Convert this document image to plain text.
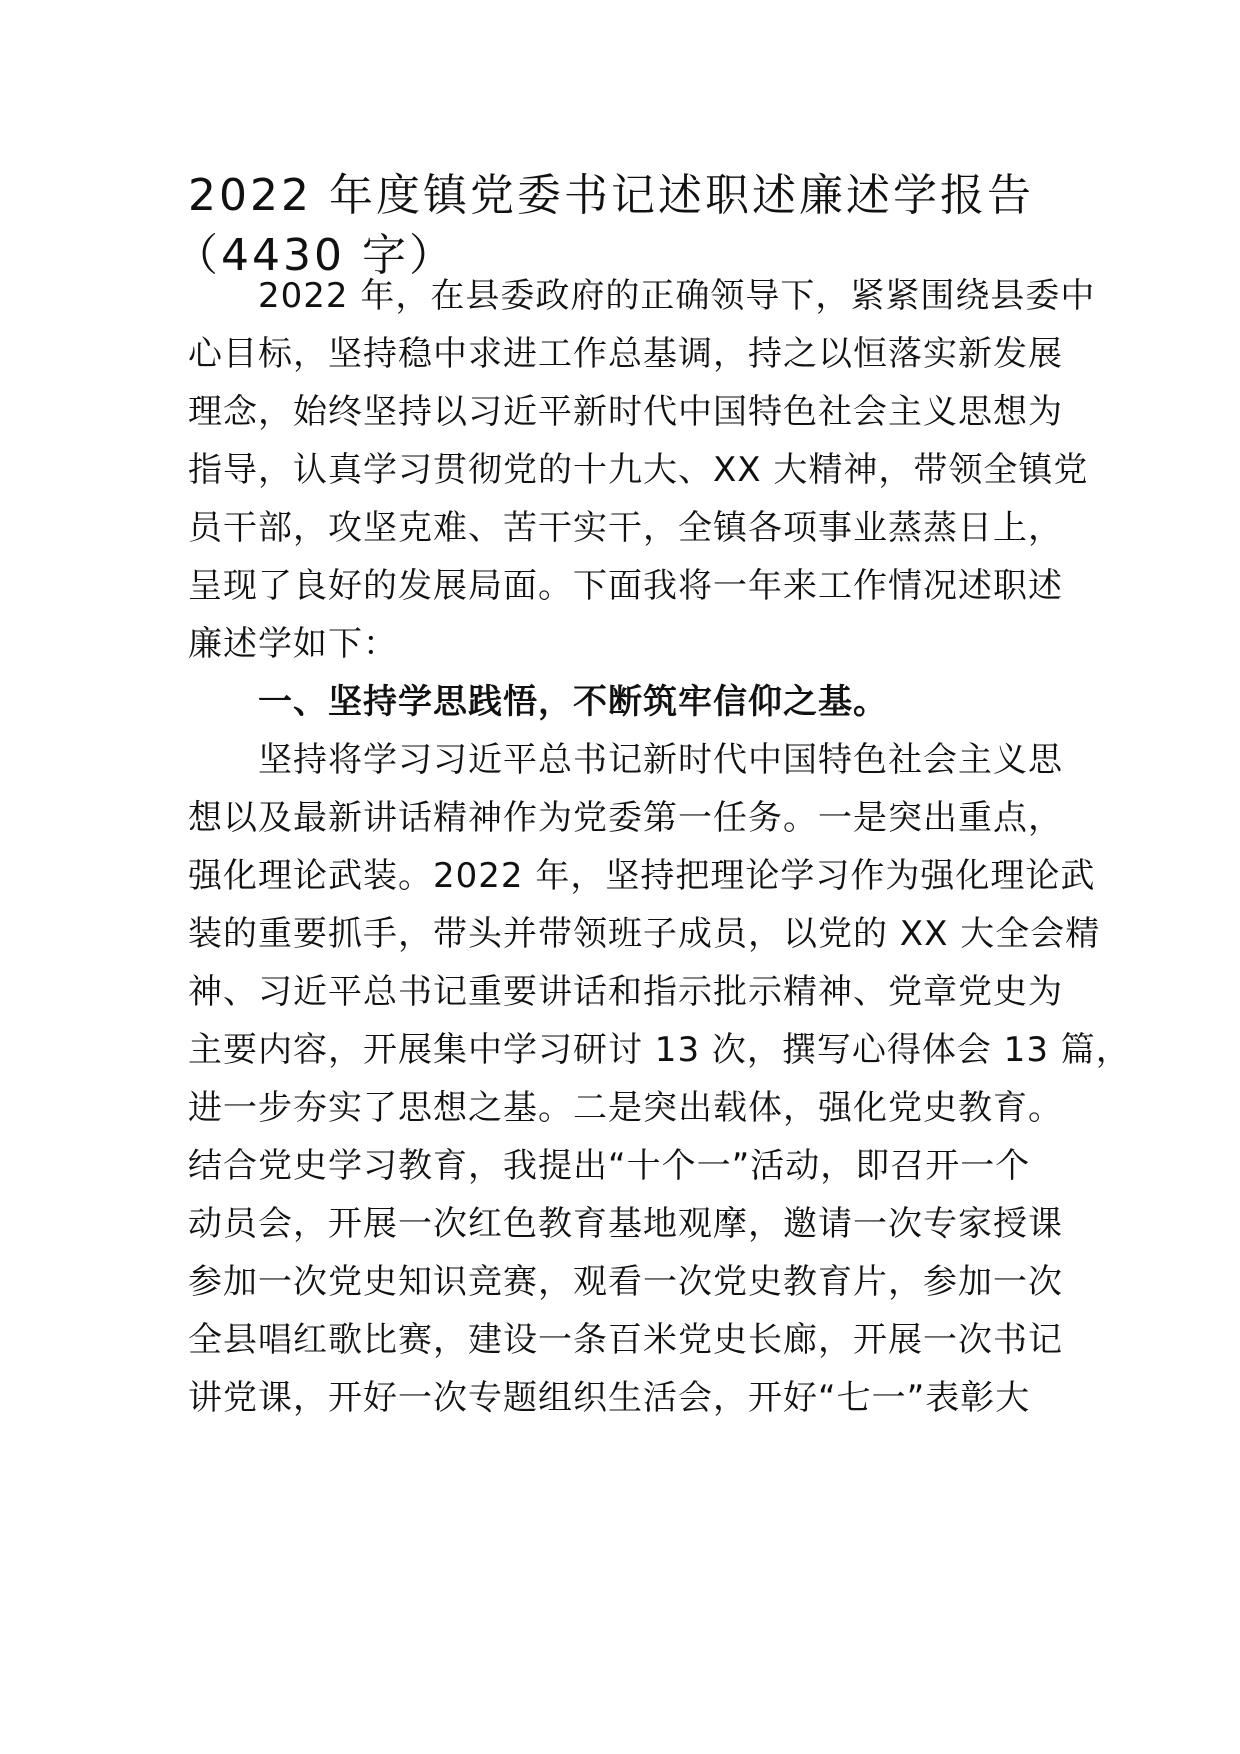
2022 年度镇党委书记述职述廉述学报告
（4430 字）

　　2022 年，在县委政府的正确领导下，紧紧围绕县委中

心目标，坚持稳中求进工作总基调，持之以恒落实新发展

理念，始终坚持以习近平新时代中国特色社会主义思想为

指导，认真学习贯彻党的十九大、XX 大精神，带领全镇党

员干部，攻坚克难、苦干实干，全镇各项事业蒸蒸日上，

呈现了良好的发展局面。下面我将一年来工作情况述职述

廉述学如下：

　　一、坚持学思践悟，不断筑牢信仰之基。

　　坚持将学习习近平总书记新时代中国特色社会主义思

想以及最新讲话精神作为党委第一任务。一是突出重点，

强化理论武装。2022 年，坚持把理论学习作为强化理论武

装的重要抓手，带头并带领班子成员，以党的 XX 大全会精

神、习近平总书记重要讲话和指示批示精神、党章党史为

主要内容，开展集中学习研讨 13 次，撰写心得体会 13 篇，

进一步夯实了思想之基。二是突出载体，强化党史教育。

结合党史学习教育，我提出“十个一”活动，即召开一个

动员会，开展一次红色教育基地观摩，邀请一次专家授课

参加一次党史知识竞赛，观看一次党史教育片，参加一次

全县唱红歌比赛，建设一条百米党史长廊，开展一次书记

讲党课，开好一次专题组织生活会，开好“七一”表彰大
